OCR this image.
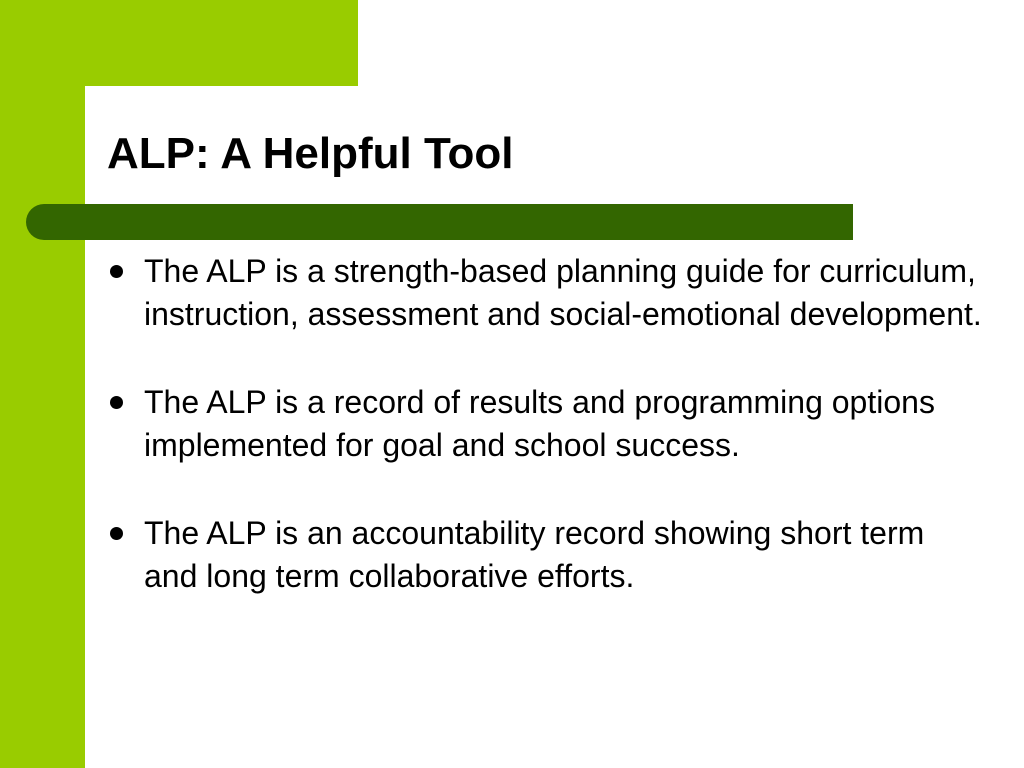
ALP: A Helpful Tool
The ALP is a strength-based planning guide for curriculum, instruction, assessment and social-emotional development.
The ALP is a record of results and programming options implemented for goal and school success.
The ALP is an accountability record showing short term and long term collaborative efforts.
